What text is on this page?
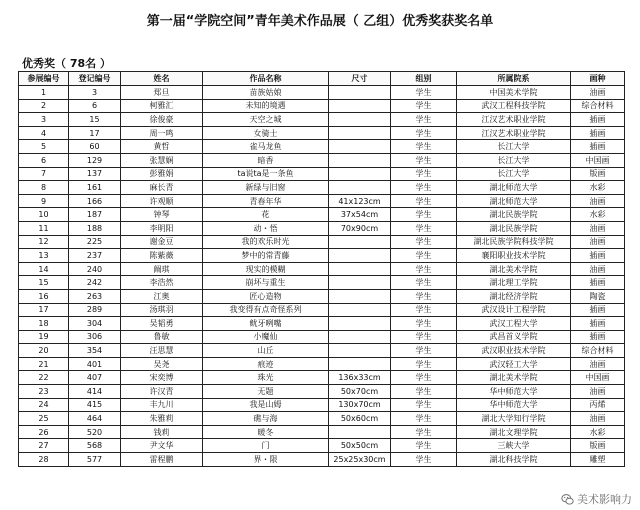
第一届“学院空间”青年美术作品展（ 乙组）优秀奖获奖名单
优秀奖（ 78名 ）
参展编号	登记编号	姓名	作品名称	尺寸	组别	所属院系	画种
1	3	郑旦	苗族姑娘		学生	中国美术学院	油画
2	6	柯雅汇	未知的境遇		学生	武汉工程科技学院	综合材料
3	15	徐俊豪	天空之城		学生	江汉艺术职业学院	插画
4	17	周一鸣	女骑士		学生	江汉艺术职业学院	插画
5	60	黄哲	雀马龙鱼		学生	长江大学	插画
6	129	张慧娴	暗香		学生	长江大学	中国画
7	137	彭雅娟	ta说ta是一条鱼		学生	长江大学	版画
8	161	麻长青	新绿与旧窗		学生	湖北师范大学	水彩
9	166	许观顺	青春年华	41x123cm	学生	湖北师范大学	油画
10	187	钟琴	花	37x54cm	学生	湖北民族学院	水彩
11	188	李明阳	动・悟	70x90cm	学生	湖北民族学院	油画
12	225	谢金豆	我的欢乐时光		学生	湖北民族学院科技学院	油画
13	237	陈紫薇	梦中的常青藤		学生	襄阳职业技术学院	插画
14	240	阚琪	现实的模糊		学生	湖北美术学院	油画
15	242	李浩然	崩坏与重生		学生	湖北理工学院	插画
16	263	江奥	匠心造物		学生	湖北经济学院	陶瓷
17	289	汤琪羽	我变得有点奇怪系列		学生	武汉设计工程学院	插画
18	304	吴韬勇	鱿牙咧嘴		学生	武汉工程大学	插画
19	306	鲁敏	小魔仙		学生	武昌首义学院	插画
20	354	汪思慧	山丘		学生	武汉职业技术学院	综合材料
21	401	吴尧	痕迹		学生	武汉轻工大学	油画
22	407	宋奕博	珠光	136x33cm	学生	湖北美术学院	中国画
23	414	许汉青	无题	50x70cm	学生	华中师范大学	油画
24	415	丰九川	我是山姆	130x70cm	学生	华中师范大学	丙烯
25	464	朱雅莉	礁与海	50x60cm	学生	湖北大学知行学院	油画
26	520	钱莉	暖冬		学生	湖北文理学院	水彩
27	568	尹文华	门	50x50cm	学生	三峡大学	版画
28	577	雷程鹏	界・限	25x25x30cm	学生	湖北科技学院	雕塑
美术影响力
